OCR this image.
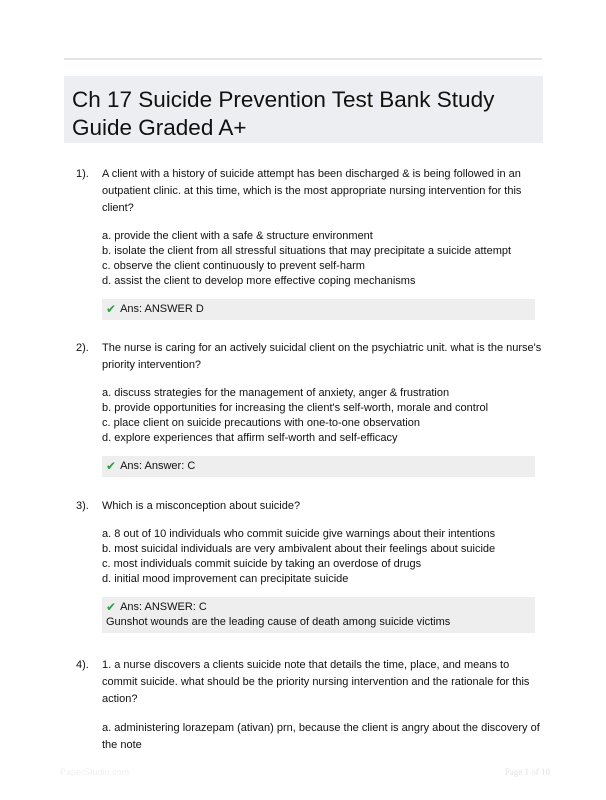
Ch 17 Suicide Prevention Test Bank Study Guide Graded A+
1). A client with a history of suicide attempt has been discharged & is being followed in an outpatient clinic. at this time, which is the most appropriate nursing intervention for this client?

a. provide the client with a safe & structure environment
b. isolate the client from all stressful situations that may precipitate a suicide attempt
c. observe the client continuously to prevent self-harm
d. assist the client to develop more effective coping mechanisms
✔ Ans: ANSWER D
2). The nurse is caring for an actively suicidal client on the psychiatric unit. what is the nurse's priority intervention?

a. discuss strategies for the management of anxiety, anger & frustration
b. provide opportunities for increasing the client's self-worth, morale and control
c. place client on suicide precautions with one-to-one observation
d. explore experiences that affirm self-worth and self-efficacy
✔ Ans: Answer: C
3). Which is a misconception about suicide?

a. 8 out of 10 individuals who commit suicide give warnings about their intentions
b. most suicidal individuals are very ambivalent about their feelings about suicide
c. most individuals commit suicide by taking an overdose of drugs
d. initial mood improvement can precipitate suicide
✔ Ans: ANSWER: C
Gunshot wounds are the leading cause of death among suicide victims
4). 1. a nurse discovers a clients suicide note that details the time, place, and means to commit suicide. what should be the priority nursing intervention and the rationale for this action?

a. administering lorazepam (ativan) prn, because the client is angry about the discovery of the note
PaperStudio.com	Page 1 of 10
